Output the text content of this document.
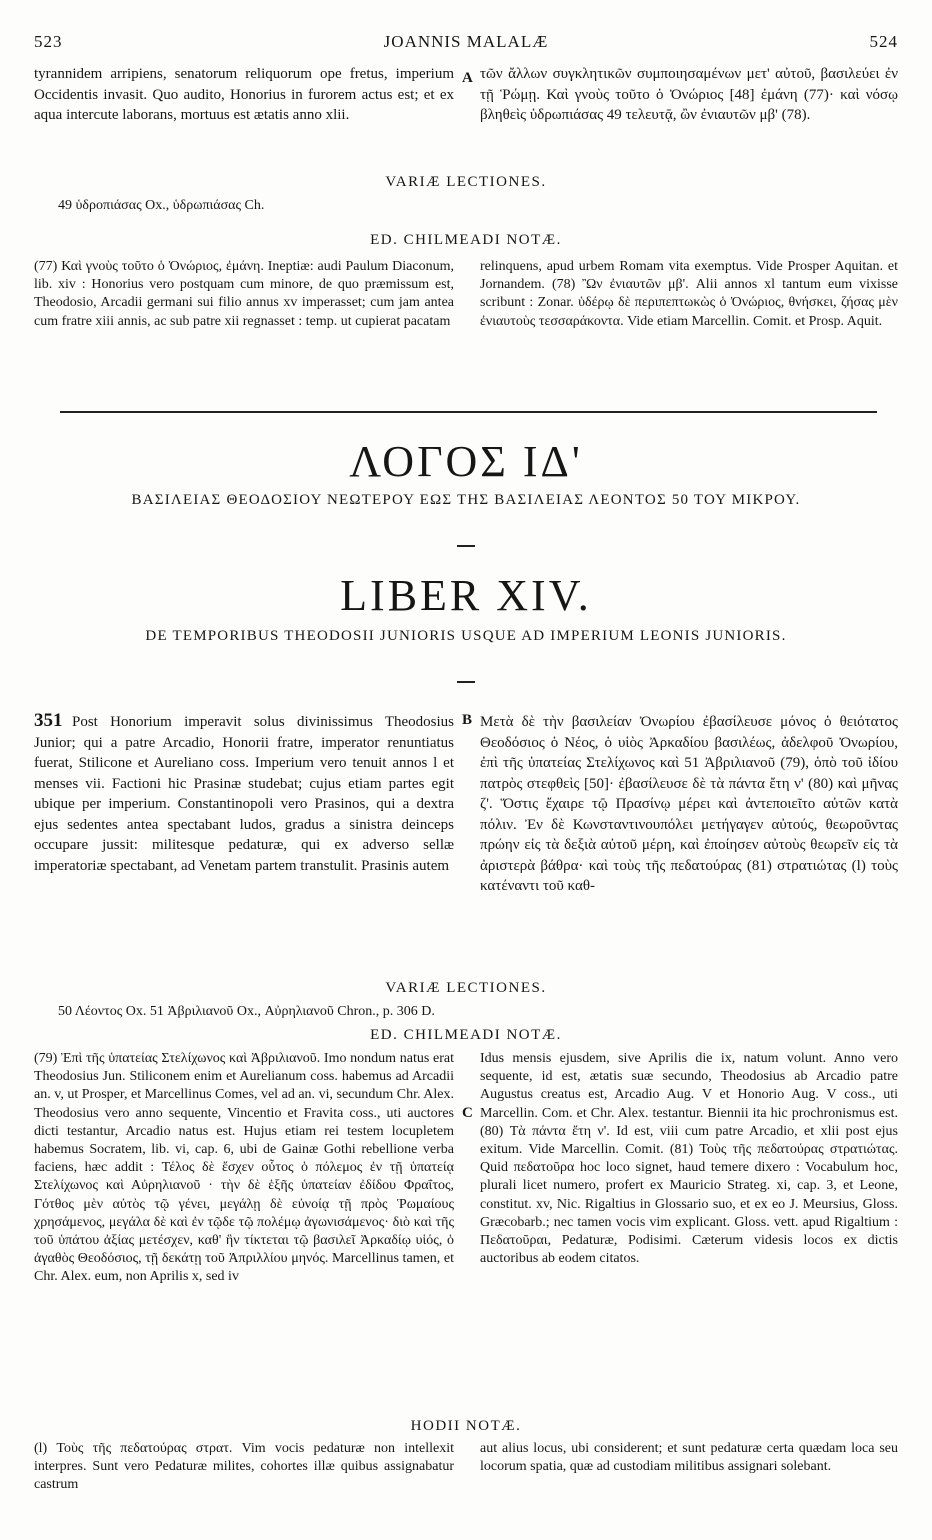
523	JOANNIS MALALÆ	524
tyrannidem arripiens, senatorum reliquorum ope fretus, imperium Occidentis invasit. Quo audito, Honorius in furorem actus est; et ex aqua intercute laborans, mortuus est ætatis anno xlii.
A τῶν ἄλλων συγκλητικῶν συμποιησαμένων μετ' αὐτοῦ, βασιλεύει ἐν τῇ Ῥώμῃ. Καὶ γνοὺς τοῦτο ὁ Ὀνώριος [48] ἐμάνη (77)· καὶ νόσῳ βληθεὶς ὑδρωπιάσας 49 τελευτᾷ, ὢν ἐνιαυτῶν μβ' (78).
VARIÆ LECTIONES.
49 ὑδροπιάσας Ox., ὑδρωπιάσας Ch.
ED. CHILMEADI NOTÆ.
(77) Καὶ γνοὺς τοῦτο ὁ Ὀνώριος, ἐμάνη. Ineptiæ: audi Paulum Diaconum, lib. xiv : Honorius vero postquam cum minore, de quo præmissum est, Theodosio, Arcadii germani sui filio annus xv imperasset; cum jam antea cum fratre xiii annis, ac sub patre xii regnasset : temp. ut cupierat pacatam
relinquens, apud urbem Romam vita exemptus. Vide Prosper Aquitan. et Jornandem. (78) Ὢν ἐνιαυτῶν μβ'. Alii annos xl tantum eum vixisse scribunt : Zonar. ὑδέρῳ δὲ περιπεπτωκὼς ὁ Ὀνώριος, θνήσκει, ζήσας μὲν ἐνιαυτοὺς τεσσαράκοντα. Vide etiam Marcellin. Comit. et Prosp. Aquit.
ΛΟΓΟΣ ΙΔ'
ΒΑΣΙΛΕΙΑΣ ΘΕΟΔΟΣΙΟΥ ΝΕΩΤΕΡΟΥ ΕΩΣ ΤΗΣ ΒΑΣΙΛΕΙΑΣ ΛΕΟΝΤΟΣ 50 ΤΟΥ ΜΙΚΡΟΥ.
LIBER XIV.
DE TEMPORIBUS THEODOSII JUNIORIS USQUE AD IMPERIUM LEONIS JUNIORIS.
351 Post Honorium imperavit solus divinissimus Theodosius Junior; qui a patre Arcadio, Honorii fratre, imperator renuntiatus fuerat, Stilicone et Aureliano coss. Imperium vero tenuit annos l et menses vii. Factioni hic Prasinæ studebat; cujus etiam partes egit ubique per imperium. Constantinopoli vero Prasinos, qui a dextra ejus sedentes antea spectabant ludos, gradus a sinistra deinceps occupare jussit: militesque pedaturæ, qui ex adverso sellæ imperatoriæ spectabant, ad Venetam partem transtulit. Prasinis autem
B Μετὰ δὲ τὴν βασιλείαν Ὀνωρίου ἐβασίλευσε μόνος ὁ θειότατος Θεοδόσιος ὁ Νέος, ὁ υἱὸς Ἀρκαδίου βασιλέως, ἀδελφοῦ Ὀνωρίου, ἐπὶ τῆς ὑπατείας Στελίχωνος καὶ 51 Ἀβριλιανοῦ (79), ὁπὸ τοῦ ἰδίου πατρὸς στεφθεὶς [50]· ἐβασίλευσε δὲ τὰ πάντα ἔτη ν' (80) καὶ μῆνας ζ'. Ὅστις ἔχαιρε τῷ Πρασίνῳ μέρει καὶ ἀντεποιεῖτο αὐτῶν κατὰ πόλιν. Ἐν δὲ Κωνσταντινουπόλει μετήγαγεν αὐτούς, θεωροῦντας πρώην εἰς τὰ δεξιὰ αὐτοῦ μέρη, καὶ ἐποίησεν αὐτοὺς θεωρεῖν εἰς τὰ ἀριστερὰ βάθρα· καὶ τοὺς τῆς πεδατούρας (81) στρατιώτας (l) τοὺς κατέναντι τοῦ καθ-
VARIÆ LECTIONES.
50 Λέοντος Ox. 51 Ἀβριλιανοῦ Ox., Αὐρηλιανοῦ Chron., p. 306 D.
ED. CHILMEADI NOTÆ.
(79) Ἐπὶ τῆς ὑπατείας Στελίχωνος καὶ Ἀβριλιανοῦ. Imo nondum natus erat Theodosius Jun. Stiliconem enim et Aurelianum coss. habemus ad Arcadii an. v, ut Prosper, et Marcellinus Comes, vel ad an. vi, secundum Chr. Alex. Theodosius vero anno sequente, Vincentio et Fravita coss., uti auctores dicti testantur, Arcadio natus est. Hujus etiam rei testem locupletem habemus Socratem, lib. vi, cap. 6, ubi de Gainæ Gothi rebellione verba faciens, hæc addit : Τέλος δὲ ἔσχεν οὗτος ὁ πόλεμος ἐν τῇ ὑπατείᾳ Στελίχωνος καὶ Αὐρηλιανοῦ · τὴν δὲ ἑξῆς ὑπατείαν ἐδίδου Φραΐτος, Γότθος μὲν αὐτὸς τῷ γένει, μεγάλῃ δὲ εὐνοίᾳ τῇ πρὸς Ῥωμαίους χρησάμενος, μεγάλα δὲ καὶ ἐν τῷδε τῷ πολέμῳ ἀγωνισάμενος· διὸ καὶ τῆς τοῦ ὑπάτου ἀξίας μετέσχεν, καθ' ἣν τίκτεται τῷ βασιλεῖ Ἀρκαδίῳ υἱός, ὁ ἀγαθὸς Θεοδόσιος, τῇ δεκάτῃ τοῦ Ἀπριλλίου μηνός. Marcellinus tamen, et Chr. Alex. eum, non Aprilis x, sed iv
C
Idus mensis ejusdem, sive Aprilis die ix, natum volunt. Anno vero sequente, id est, ætatis suæ secundo, Theodosius ab Arcadio patre Augustus creatus est, Arcadio Aug. V et Honorio Aug. V coss., uti Marcellin. Com. et Chr. Alex. testantur. Biennii ita hic prochronismus est. (80) Τὰ πάντα ἔτη ν'. Id est, viii cum patre Arcadio, et xlii post ejus exitum. Vide Marcellin. Comit. (81) Τοὺς τῆς πεδατούρας στρατιώτας. Quid πεδατοῦρα hoc loco signet, haud temere dixero : Vocabulum hoc, plurali licet numero, profert ex Mauricio Strateg. xi, cap. 3, et Leone, constitut. xv, Nic. Rigaltius in Glossario suo, et ex eo J. Meursius, Gloss. Græcobarb.; nec tamen vocis vim explicant. Gloss. vett. apud Rigaltium : Πεδατοῦραι, Pedaturæ, Podisimi. Cæterum videsis locos ex dictis auctoribus ab eodem citatos.
HODII NOTÆ.
(l) Τοὺς τῆς πεδατούρας στρατ. Vim vocis pedaturæ non intellexit interpres. Sunt vero Pedaturæ milites, cohortes illæ quibus assignabatur castrum
aut alius locus, ubi considerent; et sunt pedaturæ certa quædam loca seu locorum spatia, quæ ad custodiam militibus assignari solebant.
